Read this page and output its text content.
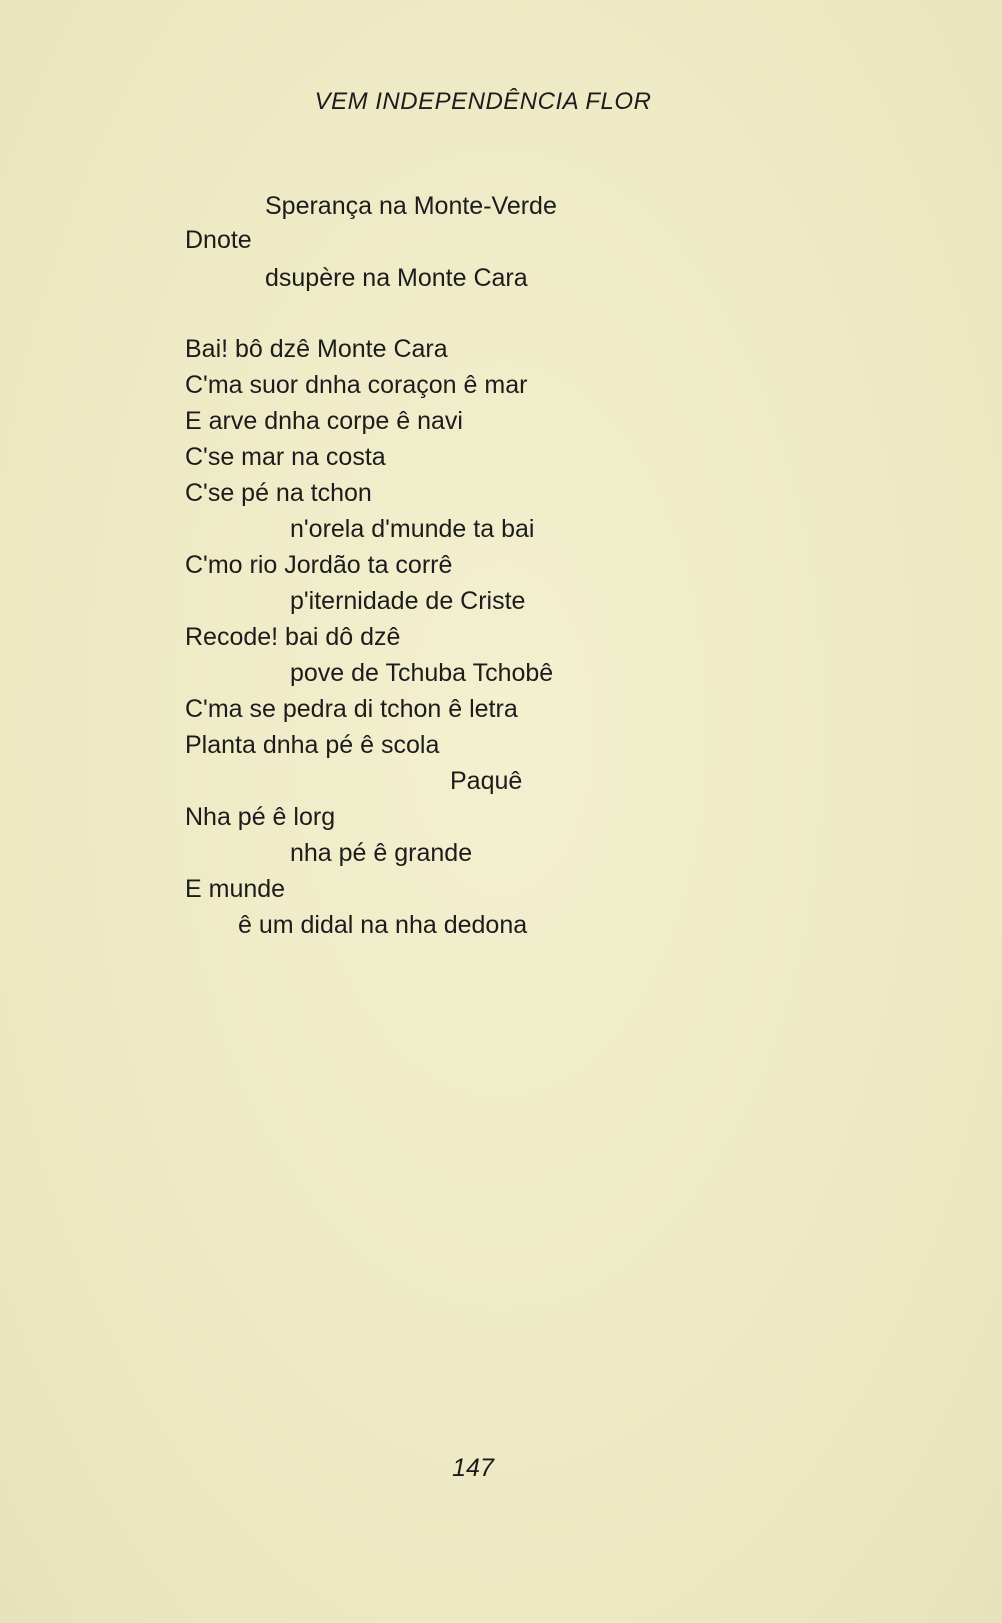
VEM INDEPENDÊNCIA FLOR
Sperança na Monte-Verde
Dnote
dsupère na Monte Cara
Bai! bô dzê Monte Cara
C'ma suor dnha coraçon ê mar
E arve dnha corpe ê navi
C'se mar na costa
C'se pé na tchon
n'orela d'munde ta bai
C'mo rio Jordão ta corrê
p'iternidade de Criste
Recode! bai dô dzê
pove de Tchuba Tchobê
C'ma se pedra di tchon ê letra
Planta dnha pé ê scola
Paquê
Nha pé ê lorg
nha pé ê grande
E munde
ê um didal na nha dedona
147
